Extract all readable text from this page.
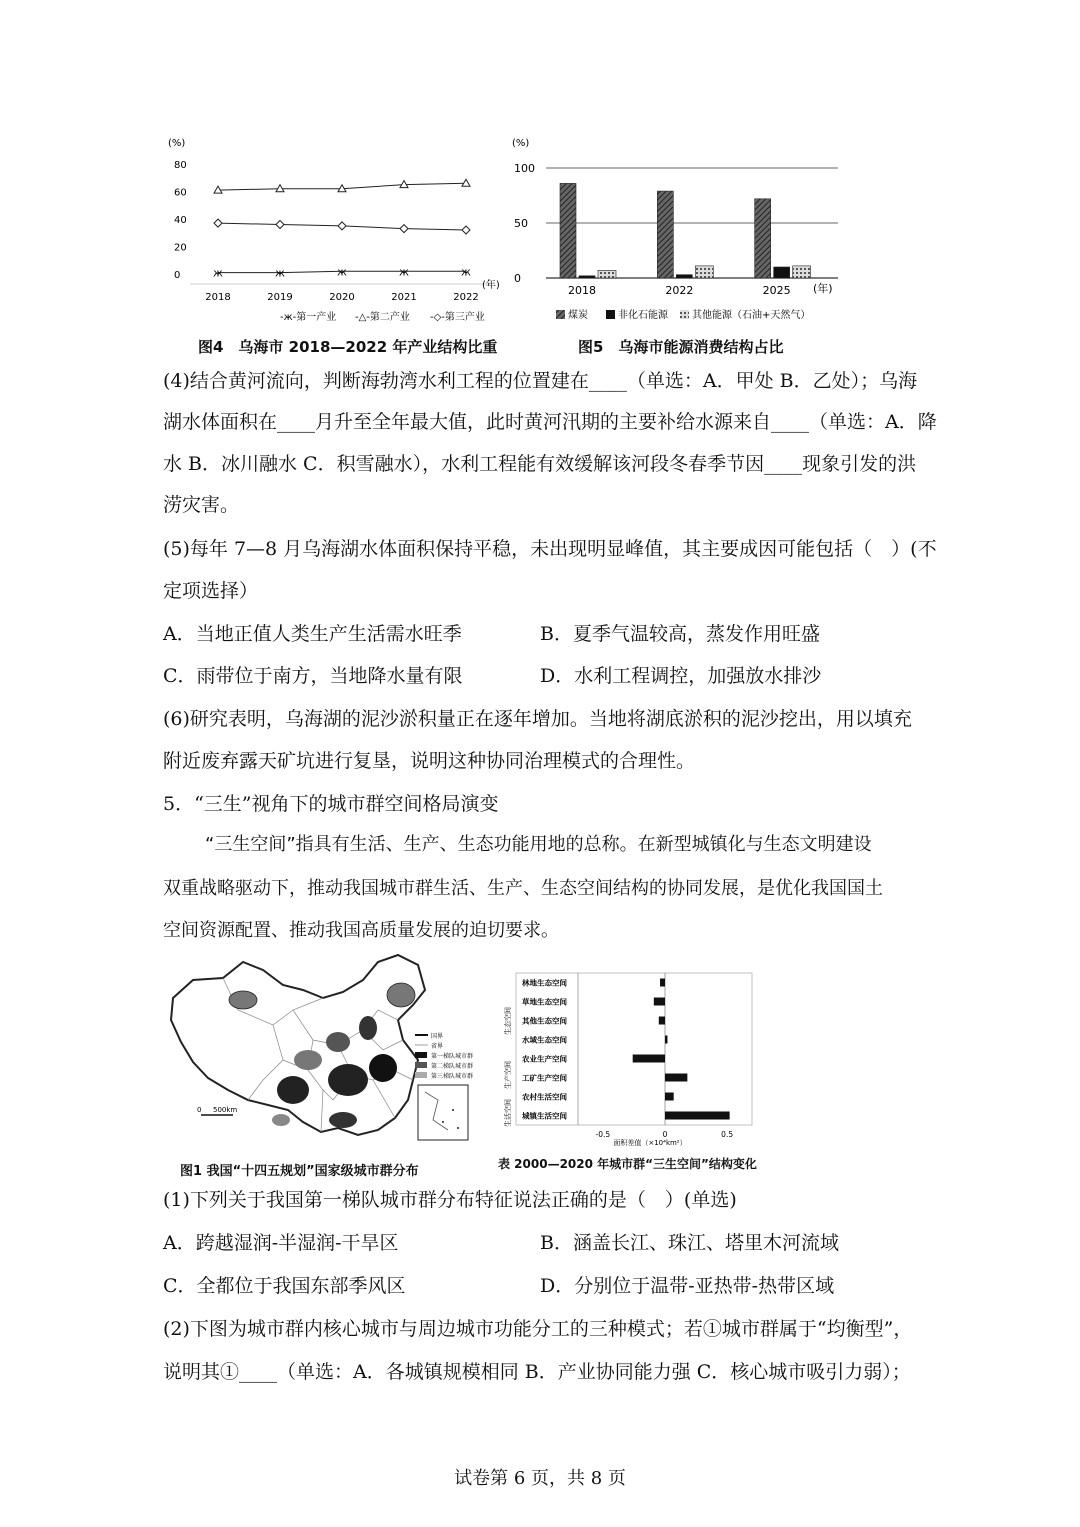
(%)
0
20
40
60
80
2018	2019	2020	2021	2022
ж	ж	ж	ж	ж
(年)
-ж-第一产业 -△-第二产业 -◇-第三产业
图4　乌海市 2018—2022 年产业结构比重
(%)
0
50
100
2018	2022	2025 (年)
煤炭	非化石能源 其他能源（石油+天然气）
图5　乌海市能源消费结构占比
(4)结合黄河流向，判断海勃湾水利工程的位置建在____（单选：A．甲处 B．乙处）；乌海
湖水体面积在____月升至全年最大值，此时黄河汛期的主要补给水源来自____（单选：A．降
水 B．冰川融水 C．积雪融水），水利工程能有效缓解该河段冬春季节因____现象引发的洪
涝灾害。
(5)每年 7—8 月乌海湖水体面积保持平稳，未出现明显峰值，其主要成因可能包括（　）(不
定项选择）
A．当地正值人类生产生活需水旺季	B．夏季气温较高，蒸发作用旺盛
C．雨带位于南方，当地降水量有限	D．水利工程调控，加强放水排沙
(6)研究表明，乌海湖的泥沙淤积量正在逐年增加。当地将湖底淤积的泥沙挖出，用以填充
附近废弃露天矿坑进行复垦，说明这种协同治理模式的合理性。
5．“三生”视角下的城市群空间格局演变
“三生空间”指具有生活、生产、生态功能用地的总称。在新型城镇化与生态文明建设
双重战略驱动下，推动我国城市群生活、生产、生态空间结构的协同发展，是优化我国国土
空间资源配置、推动我国高质量发展的迫切要求。
国界
省界
第一梯队城市群
第二梯队城市群
第三梯队城市群
0 500km
图1 我国“十四五规划”国家级城市群分布
林地生态空间
草地生态空间
其他生态空间
水域生态空间
农业生产空间
工矿生产空间
农村生活空间
城镇生活空间
-0.5	0	0.5
生态空间
生产空间
生活空间
面积差值（×10⁴km²）
表 2000—2020 年城市群“三生空间”结构变化
(1)下列关于我国第一梯队城市群分布特征说法正确的是（　）(单选)
A．跨越湿润-半湿润-干旱区	B．涵盖长江、珠江、塔里木河流域
C．全都位于我国东部季风区	D．分别位于温带-亚热带-热带区域
(2)下图为城市群内核心城市与周边城市功能分工的三种模式；若①城市群属于“均衡型”，
说明其①____（单选：A．各城镇规模相同 B．产业协同能力强 C．核心城市吸引力弱）；
试卷第 6 页，共 8 页
